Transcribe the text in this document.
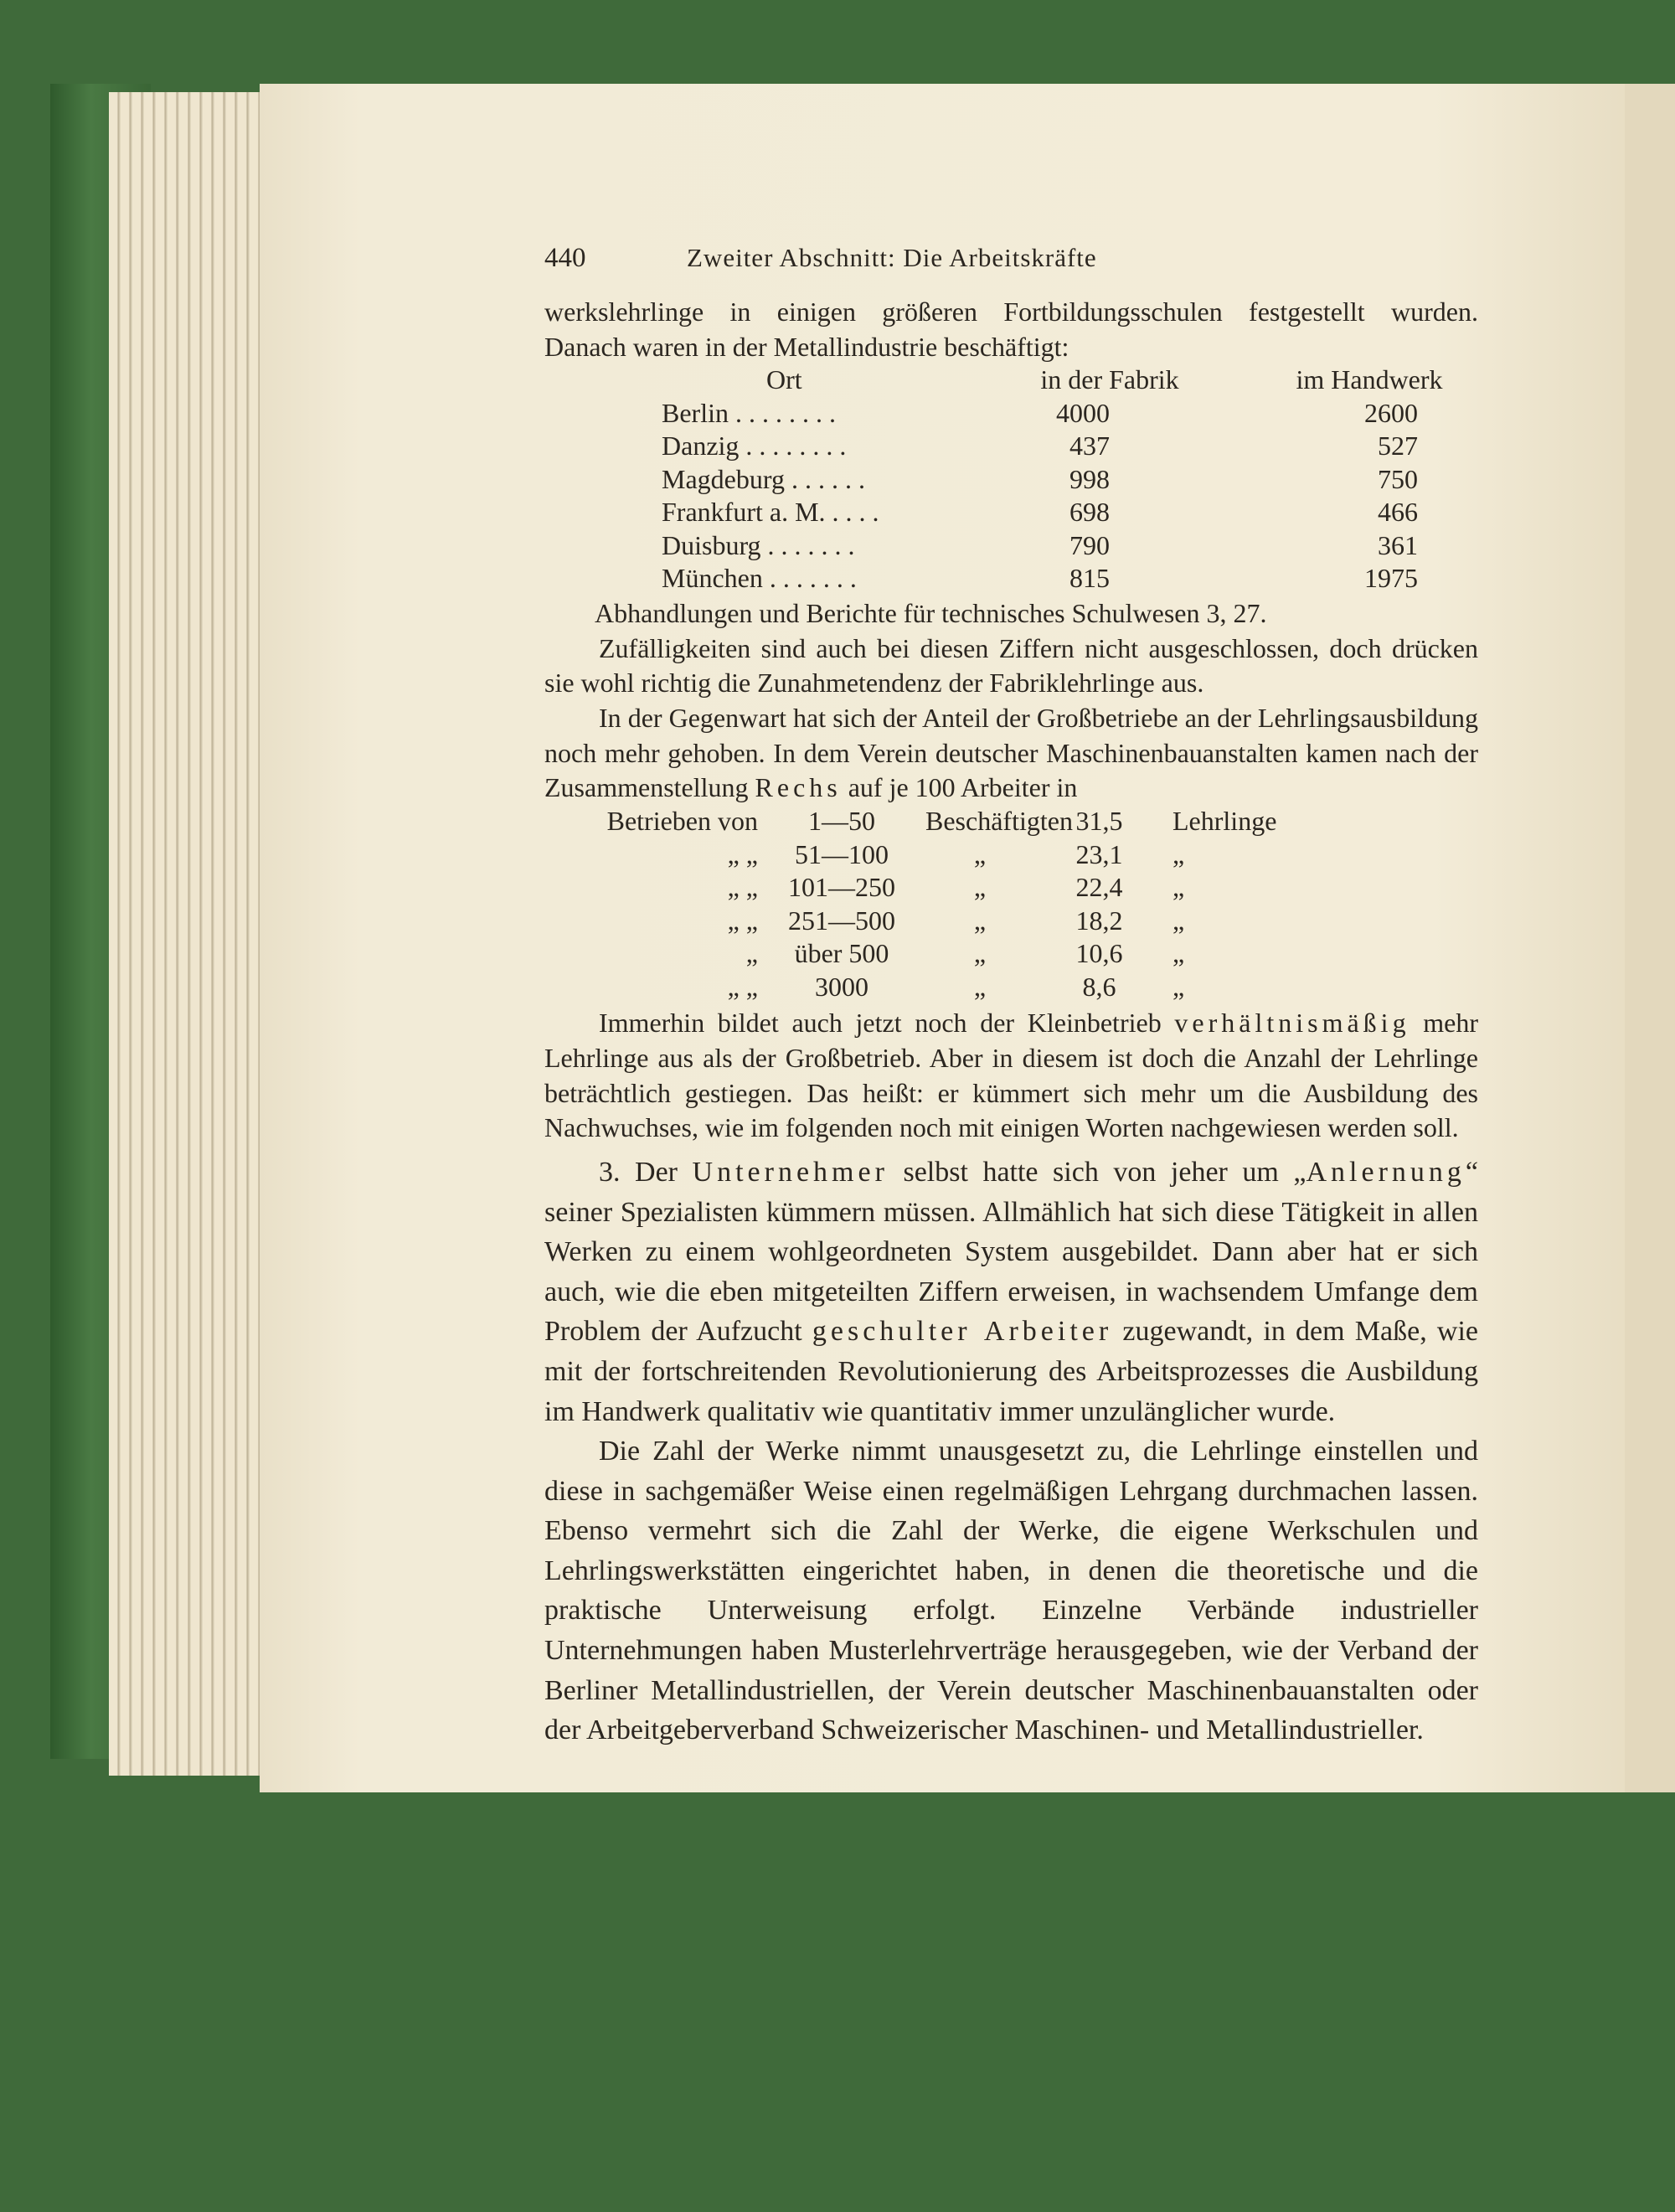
440	Zweiter Abschnitt: Die Arbeitskräfte

werkslehrlinge in einigen größeren Fortbildungsschulen festgestellt wurden.

Danach waren in der Metallindustrie beschäftigt:

Ort	in der Fabrik	im Handwerk
Berlin . . . . . . . .	4000	2600
Danzig . . . . . . . .	437	527
Magdeburg . . . . . .	998	750
Frankfurt a. M. . . . .	698	466
Duisburg . . . . . . .	790	361
München . . . . . . .	815	1975

Abhandlungen und Berichte für technisches Schulwesen 3, 27.

Zufälligkeiten sind auch bei diesen Ziffern nicht ausgeschlossen, doch drücken sie wohl richtig die Zunahmetendenz der Fabriklehrlinge aus.

In der Gegenwart hat sich der Anteil der Großbetriebe an der Lehrlingsausbildung noch mehr gehoben. In dem Verein deutscher Maschinenbauanstalten kamen nach der Zusammenstellung Rechs auf je 100 Arbeiter in

Betrieben von	1—50	Beschäftigten 31,5	Lehrlinge
„ „	51—100	„	23,1	„
„ „	101—250	„	22,4	„
„ „	251—500	„	18,2	„
„	über 500	„	10,6	„
„ „	3000	„	8,6	„

Immerhin bildet auch jetzt noch der Kleinbetrieb verhältnismäßig mehr Lehrlinge aus als der Großbetrieb. Aber in diesem ist doch die Anzahl der Lehrlinge beträchtlich gestiegen. Das heißt: er kümmert sich mehr um die Ausbildung des Nachwuchses, wie im folgenden noch mit einigen Worten nachgewiesen werden soll.

3. Der Unternehmer selbst hatte sich von jeher um „Anlernung“ seiner Spezialisten kümmern müssen. Allmählich hat sich diese Tätigkeit in allen Werken zu einem wohlgeordneten System ausgebildet. Dann aber hat er sich auch, wie die eben mitgeteilten Ziffern erweisen, in wachsendem Umfange dem Problem der Aufzucht geschulter Arbeiter zugewandt, in dem Maße, wie mit der fortschreitenden Revolutionierung des Arbeitsprozesses die Ausbildung im Handwerk qualitativ wie quantitativ immer unzulänglicher wurde.

Die Zahl der Werke nimmt unausgesetzt zu, die Lehrlinge einstellen und diese in sachgemäßer Weise einen regelmäßigen Lehrgang durchmachen lassen. Ebenso vermehrt sich die Zahl der Werke, die eigene Werkschulen und Lehrlingswerkstätten eingerichtet haben, in denen die theoretische und die praktische Unterweisung erfolgt. Einzelne Verbände industrieller Unternehmungen haben Musterlehrverträge herausgegeben, wie der Verband der Berliner Metallindustriellen, der Verein deutscher Maschinenbauanstalten oder der Arbeitgeberverband Schweizerischer Maschinen- und Metallindustrieller.
